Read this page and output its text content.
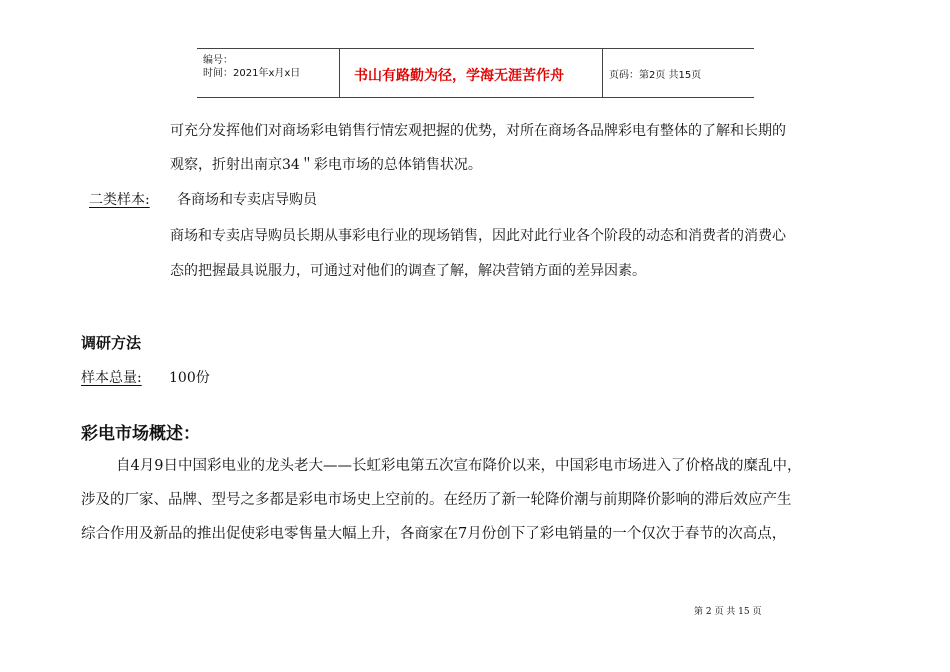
编号：
时间：2021年x月x日	书山有路勤为径，学海无涯苦作舟	页码：第2页 共15页
可充分发挥他们对商场彩电销售行情宏观把握的优势，对所在商场各品牌彩电有整体的了解和长期的
观察，折射出南京34＂彩电市场的总体销售状况。
二类样本: 各商场和专卖店导购员
商场和专卖店导购员长期从事彩电行业的现场销售，因此对此行业各个阶段的动态和消费者的消费心
态的把握最具说服力，可通过对他们的调查了解，解决营销方面的差异因素。
调研方法
样本总量: 100份
彩电市场概述：
自4月9日中国彩电业的龙头老大——长虹彩电第五次宣布降价以来，中国彩电市场进入了价格战的糜乱中，
涉及的厂家、品牌、型号之多都是彩电市场史上空前的。在经历了新一轮降价潮与前期降价影响的滞后效应产生
综合作用及新品的推出促使彩电零售量大幅上升，各商家在7月份创下了彩电销量的一个仅次于春节的次高点，
第 2 页 共 15 页
